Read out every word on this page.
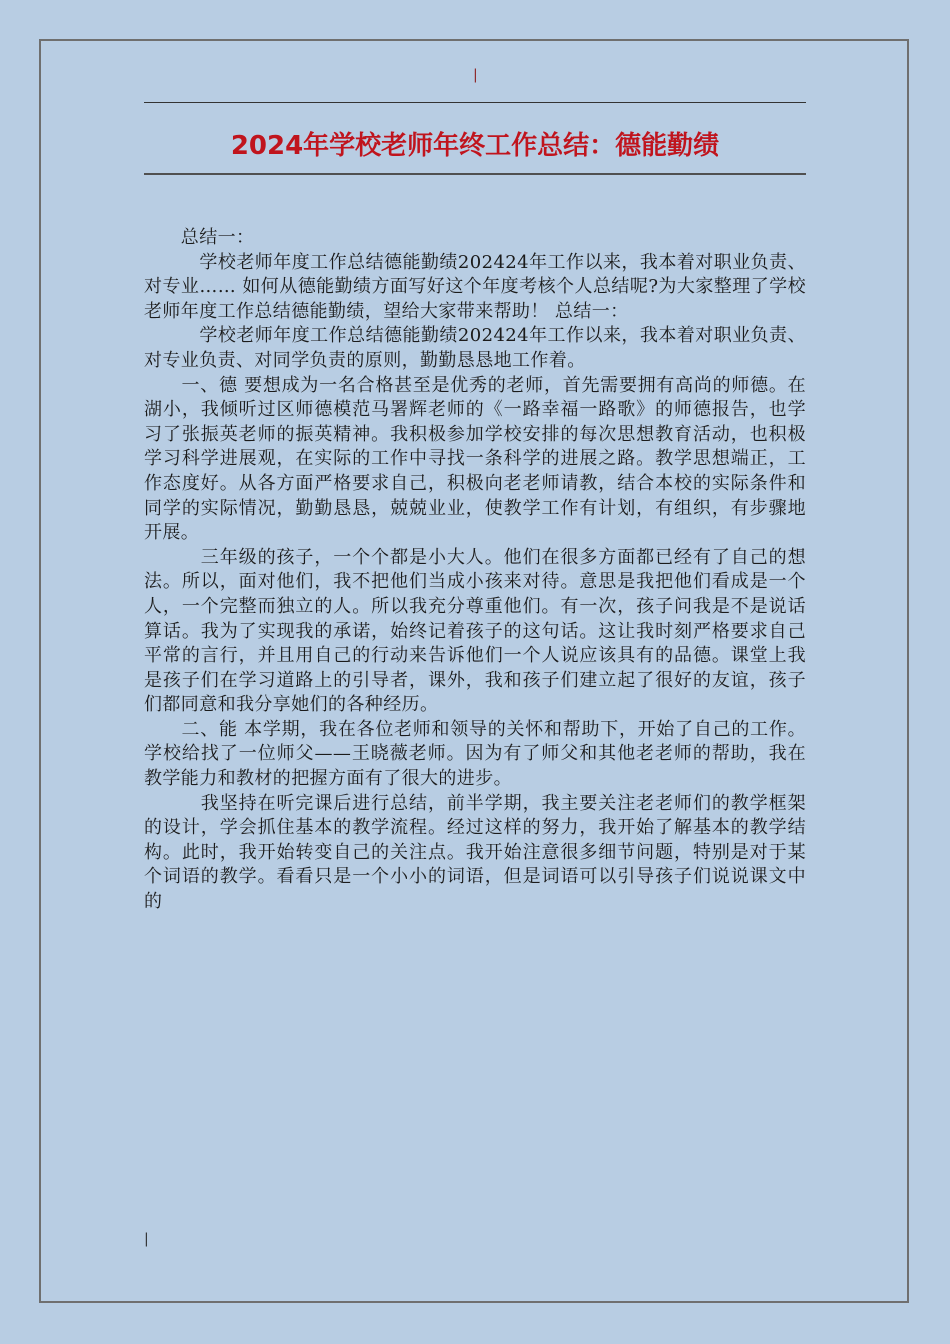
|
2024年学校老师年终工作总结：德能勤绩

　　总结一：

　　　学校老师年度工作总结德能勤绩202424年工作以来，我本着对职业负责、对专业…… 如何从德能勤绩方面写好这个年度考核个人总结呢?为大家整理了学校老师年度工作总结德能勤绩，望给大家带来帮助！ 总结一：

　　　学校老师年度工作总结德能勤绩202424年工作以来，我本着对职业负责、对专业负责、对同学负责的原则，勤勤恳恳地工作着。

　　一、德 要想成为一名合格甚至是优秀的老师，首先需要拥有高尚的师德。在湖小，我倾听过区师德模范马署辉老师的《一路幸福一路歌》的师德报告，也学习了张振英老师的振英精神。我积极参加学校安排的每次思想教育活动，也积极学习科学进展观，在实际的工作中寻找一条科学的进展之路。教学思想端正，工作态度好。从各方面严格要求自己，积极向老老师请教，结合本校的实际条件和同学的实际情况，勤勤恳恳，兢兢业业，使教学工作有计划，有组织，有步骤地开展。

　　　三年级的孩子，一个个都是小大人。他们在很多方面都已经有了自己的想法。所以，面对他们，我不把他们当成小孩来对待。意思是我把他们看成是一个人，一个完整而独立的人。所以我充分尊重他们。有一次，孩子问我是不是说话算话。我为了实现我的承诺，始终记着孩子的这句话。这让我时刻严格要求自己平常的言行，并且用自己的行动来告诉他们一个人说应该具有的品德。课堂上我是孩子们在学习道路上的引导者，课外，我和孩子们建立起了很好的友谊，孩子们都同意和我分享她们的各种经历。

　　二、能 本学期，我在各位老师和领导的关怀和帮助下，开始了自己的工作。学校给找了一位师父——王晓薇老师。因为有了师父和其他老老师的帮助，我在教学能力和教材的把握方面有了很大的进步。

　　　我坚持在听完课后进行总结，前半学期，我主要关注老老师们的教学框架的设计，学会抓住基本的教学流程。经过这样的努力，我开始了解基本的教学结构。此时，我开始转变自己的关注点。我开始注意很多细节问题，特别是对于某个词语的教学。看看只是一个小小的词语，但是词语可以引导孩子们说说课文中的

|
